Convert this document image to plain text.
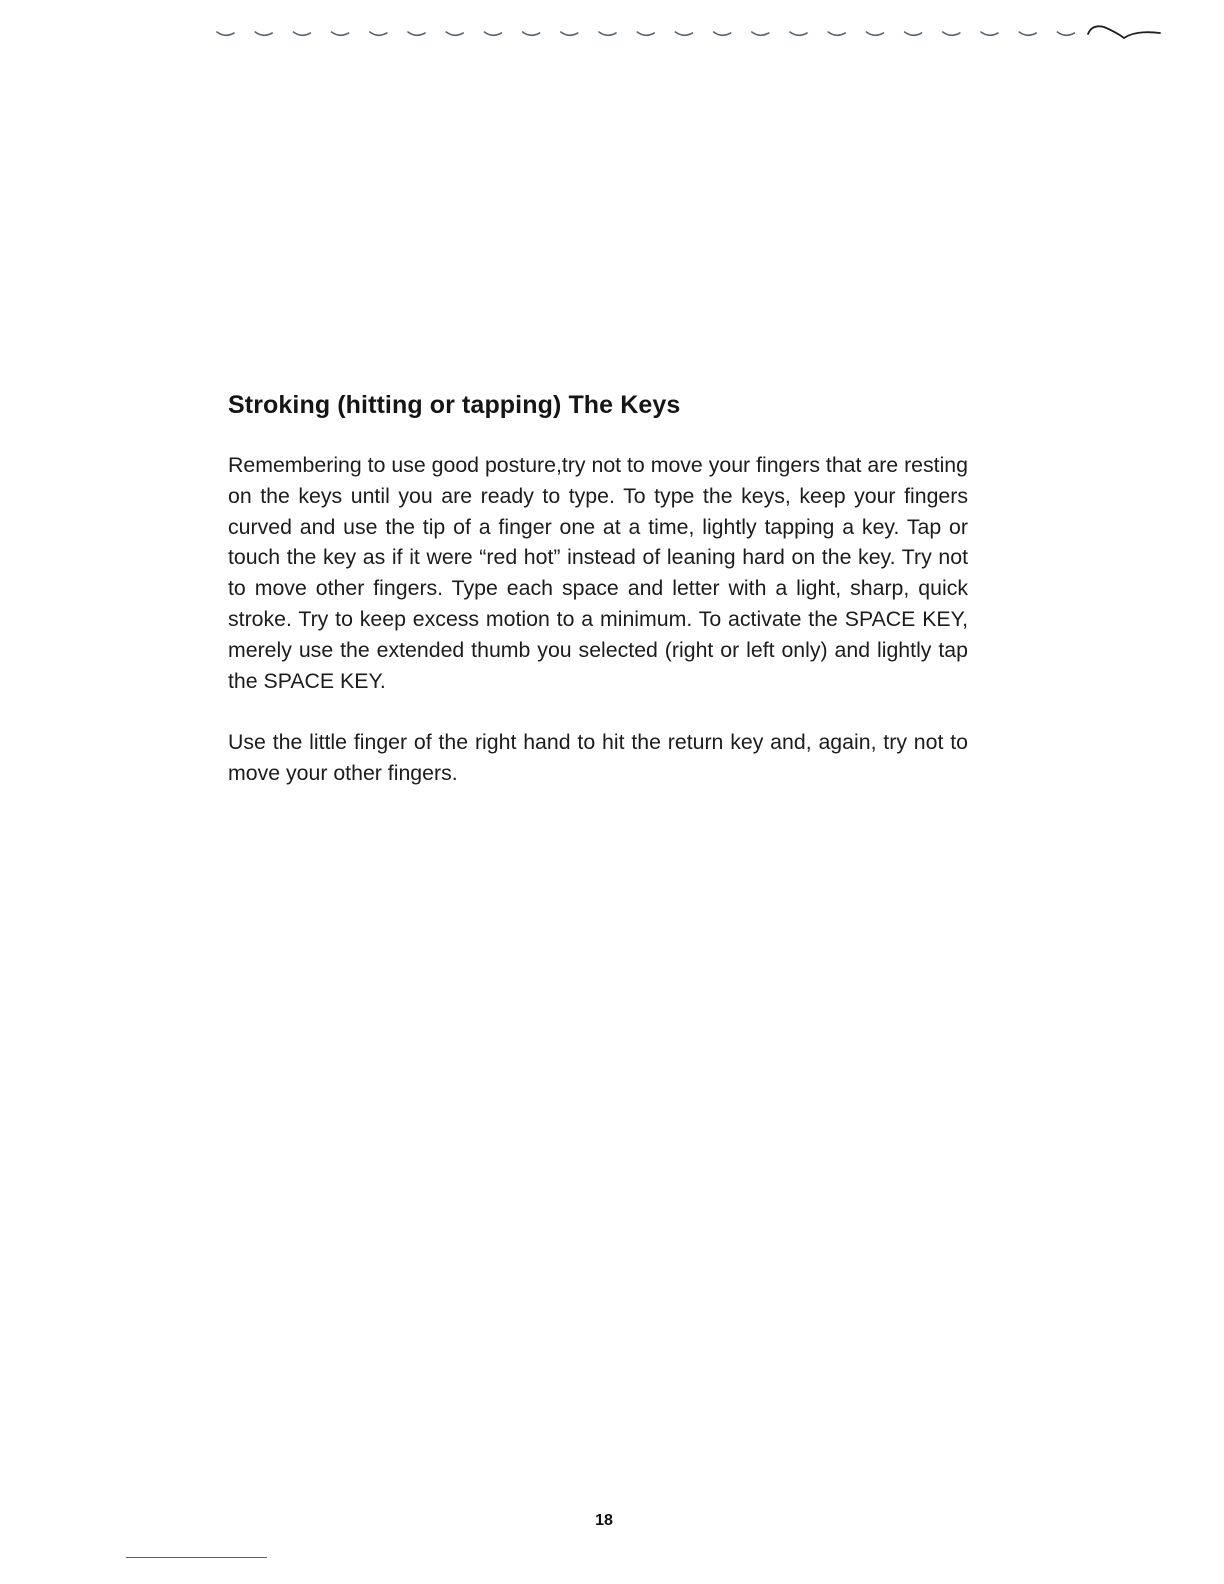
Stroking (hitting or tapping) The Keys

Remembering to use good posture,try not to move your fingers that are resting on the keys until you are ready to type. To type the keys, keep your fingers curved and use the tip of a finger one at a time, lightly tapping a key. Tap or touch the key as if it were “red hot” instead of leaning hard on the key. Try not to move other fingers. Type each space and letter with a light, sharp, quick stroke. Try to keep excess motion to a minimum. To activate the SPACE KEY, merely use the extended thumb you selected (right or left only) and lightly tap the SPACE KEY.

Use the little finger of the right hand to hit the return key and, again, try not to move your other fingers.

18
